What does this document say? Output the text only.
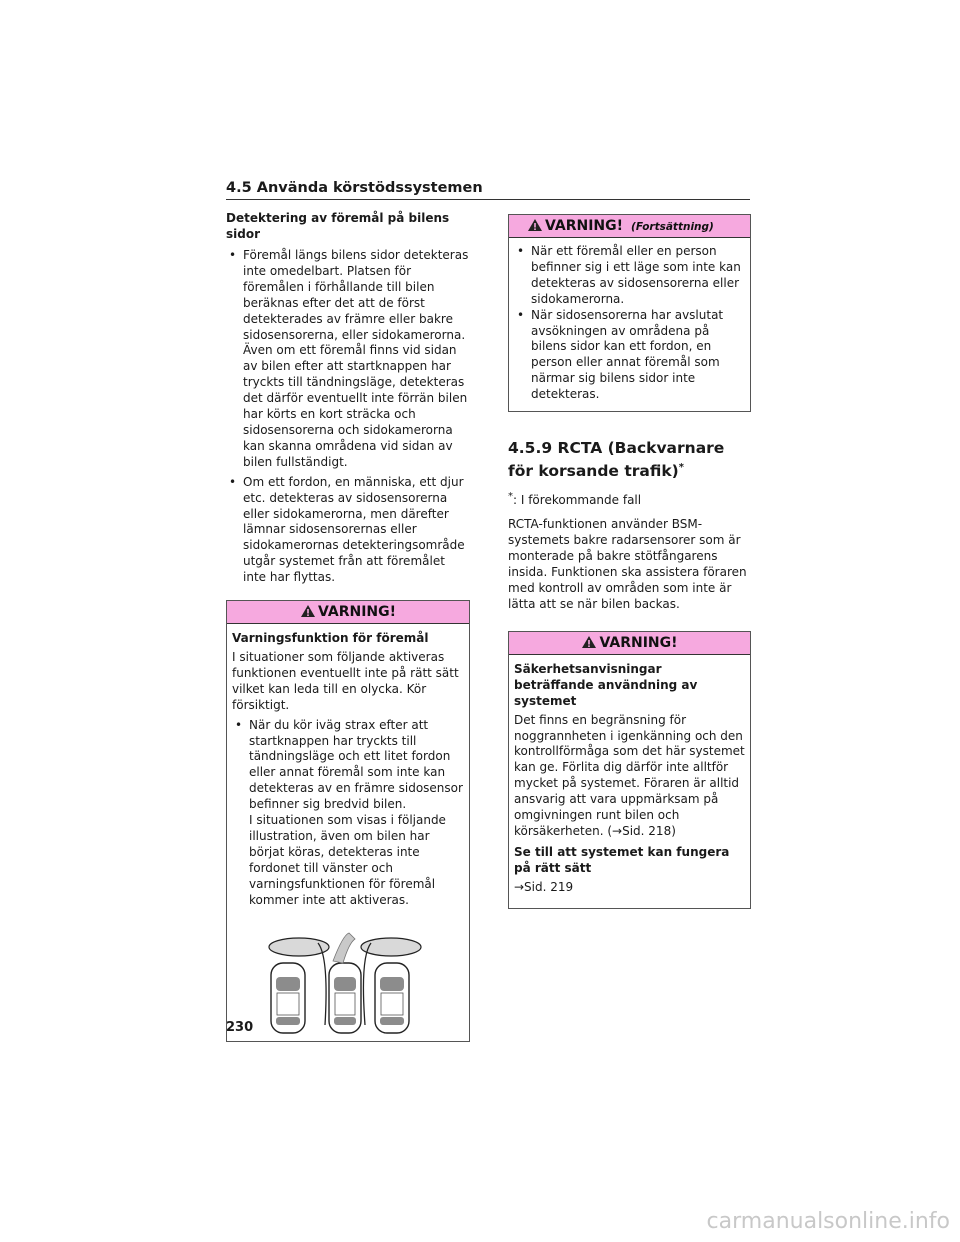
4.5 Använda körstödssystemen
Detektering av föremål på bilens sidor
• Föremål längs bilens sidor detekteras inte omedelbart. Platsen för föremålen i förhållande till bilen beräknas efter det att de först detekterades av främre eller bakre sidosensorerna, eller sidokamerorna. Även om ett föremål finns vid sidan av bilen efter att startknappen har tryckts till tändningsläge, detekteras det därför eventuellt inte förrän bilen har körts en kort sträcka och sidosensorerna och sidokamerorna kan skanna områdena vid sidan av bilen fullständigt.
• Om ett fordon, en människa, ett djur etc. detekteras av sidosensorerna eller sidokamerorna, men därefter lämnar sidosensorernas eller sidokamerornas detekteringsområde utgår systemet från att föremålet inte har flyttas.
VARNING!
Varningsfunktion för föremål

I situationer som följande aktiveras funktionen eventuellt inte på rätt sätt vilket kan leda till en olycka. Kör försiktigt.

• När du kör iväg strax efter att startknappen har tryckts till tändningsläge och ett litet fordon eller annat föremål som inte kan detekteras av en främre sidosensor befinner sig bredvid bilen.
I situationen som visas i följande illustration, även om bilen har börjat köras, detekteras inte fordonet till vänster och varningsfunktionen för föremål kommer inte att aktiveras.
VARNING! (Fortsättning)
• När ett föremål eller en person befinner sig i ett läge som inte kan detekteras av sidosensorerna eller sidokamerorna.
• När sidosensorerna har avslutat avsökningen av områdena på bilens sidor kan ett fordon, en person eller annat föremål som närmar sig bilens sidor inte detekteras.
4.5.9 RCTA (Backvarnare för korsande trafik)*

*: I förekommande fall

RCTA-funktionen använder BSM-systemets bakre radarsensorer som är monterade på bakre stötfångarens insida. Funktionen ska assistera föraren med kontroll av områden som inte är lätta att se när bilen backas.

VARNING!
Säkerhetsanvisningar beträffande användning av systemet

Det finns en begränsning för noggrannheten i igenkänning och den kontrollförmåga som det här systemet kan ge. Förlita dig därför inte alltför mycket på systemet. Föraren är alltid ansvarig att vara uppmärksam på omgivningen runt bilen och körsäkerheten. (→Sid. 218)

Se till att systemet kan fungera på rätt sätt

→Sid. 219

230
carmanualsonline.info
